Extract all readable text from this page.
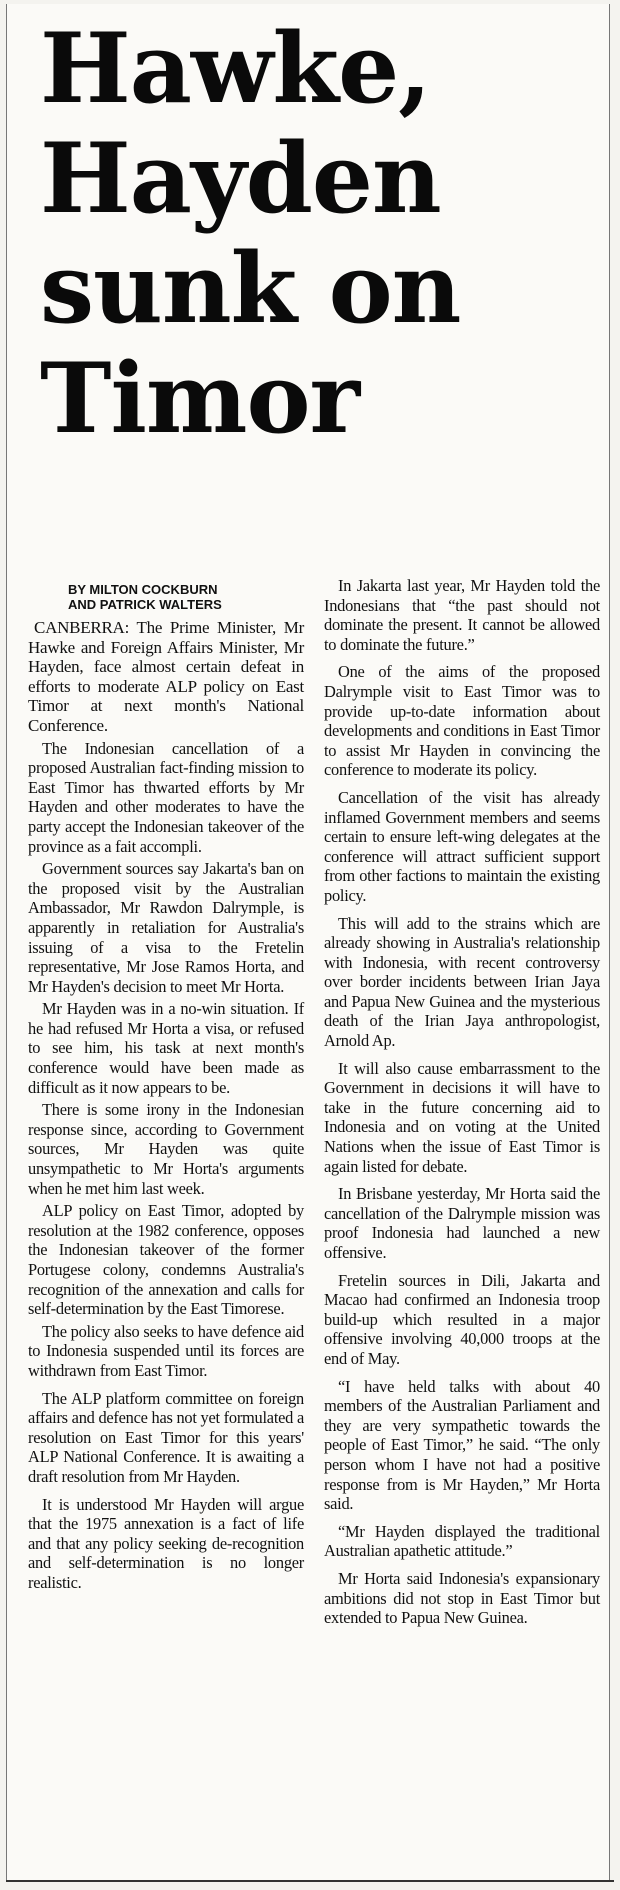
Hawke,
Hayden
sunk on
Timor
BY MILTON COCKBURN
AND PATRICK WALTERS

CANBERRA: The Prime Minister, Mr Hawke and Foreign Affairs Minister, Mr Hayden, face almost certain defeat in efforts to moderate ALP policy on East Timor at next month's National Conference.

The Indonesian cancellation of a proposed Australian fact-finding mission to East Timor has thwarted efforts by Mr Hayden and other moderates to have the party accept the Indonesian takeover of the province as a fait accompli.

Government sources say Jakarta's ban on the proposed visit by the Australian Ambassador, Mr Rawdon Dalrymple, is apparently in retaliation for Australia's issuing of a visa to the Fretelin representative, Mr Jose Ramos Horta, and Mr Hayden's decision to meet Mr Horta.

Mr Hayden was in a no-win situation. If he had refused Mr Horta a visa, or refused to see him, his task at next month's conference would have been made as difficult as it now appears to be.

There is some irony in the Indonesian response since, according to Government sources, Mr Hayden was quite unsympathetic to Mr Horta's arguments when he met him last week.

ALP policy on East Timor, adopted by resolution at the 1982 conference, opposes the Indonesian takeover of the former Portugese colony, condemns Australia's recognition of the annexation and calls for self-determination by the East Timorese.

The policy also seeks to have defence aid to Indonesia suspended until its forces are withdrawn from East Timor.

The ALP platform committee on foreign affairs and defence has not yet formulated a resolution on East Timor for this years' ALP National Conference. It is awaiting a draft resolution from Mr Hayden.

It is understood Mr Hayden will argue that the 1975 annexation is a fact of life and that any policy seeking de-recognition and self-determination is no longer realistic.

In Jakarta last year, Mr Hayden told the Indonesians that “the past should not dominate the present. It cannot be allowed to dominate the future.”

One of the aims of the proposed Dalrymple visit to East Timor was to provide up-to-date information about developments and conditions in East Timor to assist Mr Hayden in convincing the conference to moderate its policy.

Cancellation of the visit has already inflamed Government members and seems certain to ensure left-wing delegates at the conference will attract sufficient support from other factions to maintain the existing policy.

This will add to the strains which are already showing in Australia's relationship with Indonesia, with recent controversy over border incidents between Irian Jaya and Papua New Guinea and the mysterious death of the Irian Jaya anthropologist, Arnold Ap.

It will also cause embarrassment to the Government in decisions it will have to take in the future concerning aid to Indonesia and on voting at the United Nations when the issue of East Timor is again listed for debate.

In Brisbane yesterday, Mr Horta said the cancellation of the Dalrymple mission was proof Indonesia had launched a new offensive.

Fretelin sources in Dili, Jakarta and Macao had confirmed an Indonesia troop build-up which resulted in a major offensive involving 40,000 troops at the end of May.

“I have held talks with about 40 members of the Australian Parliament and they are very sympathetic towards the people of East Timor,” he said. “The only person whom I have not had a positive response from is Mr Hayden,” Mr Horta said.

“Mr Hayden displayed the traditional Australian apathetic attitude.”

Mr Horta said Indonesia's expansionary ambitions did not stop in East Timor but extended to Papua New Guinea.
